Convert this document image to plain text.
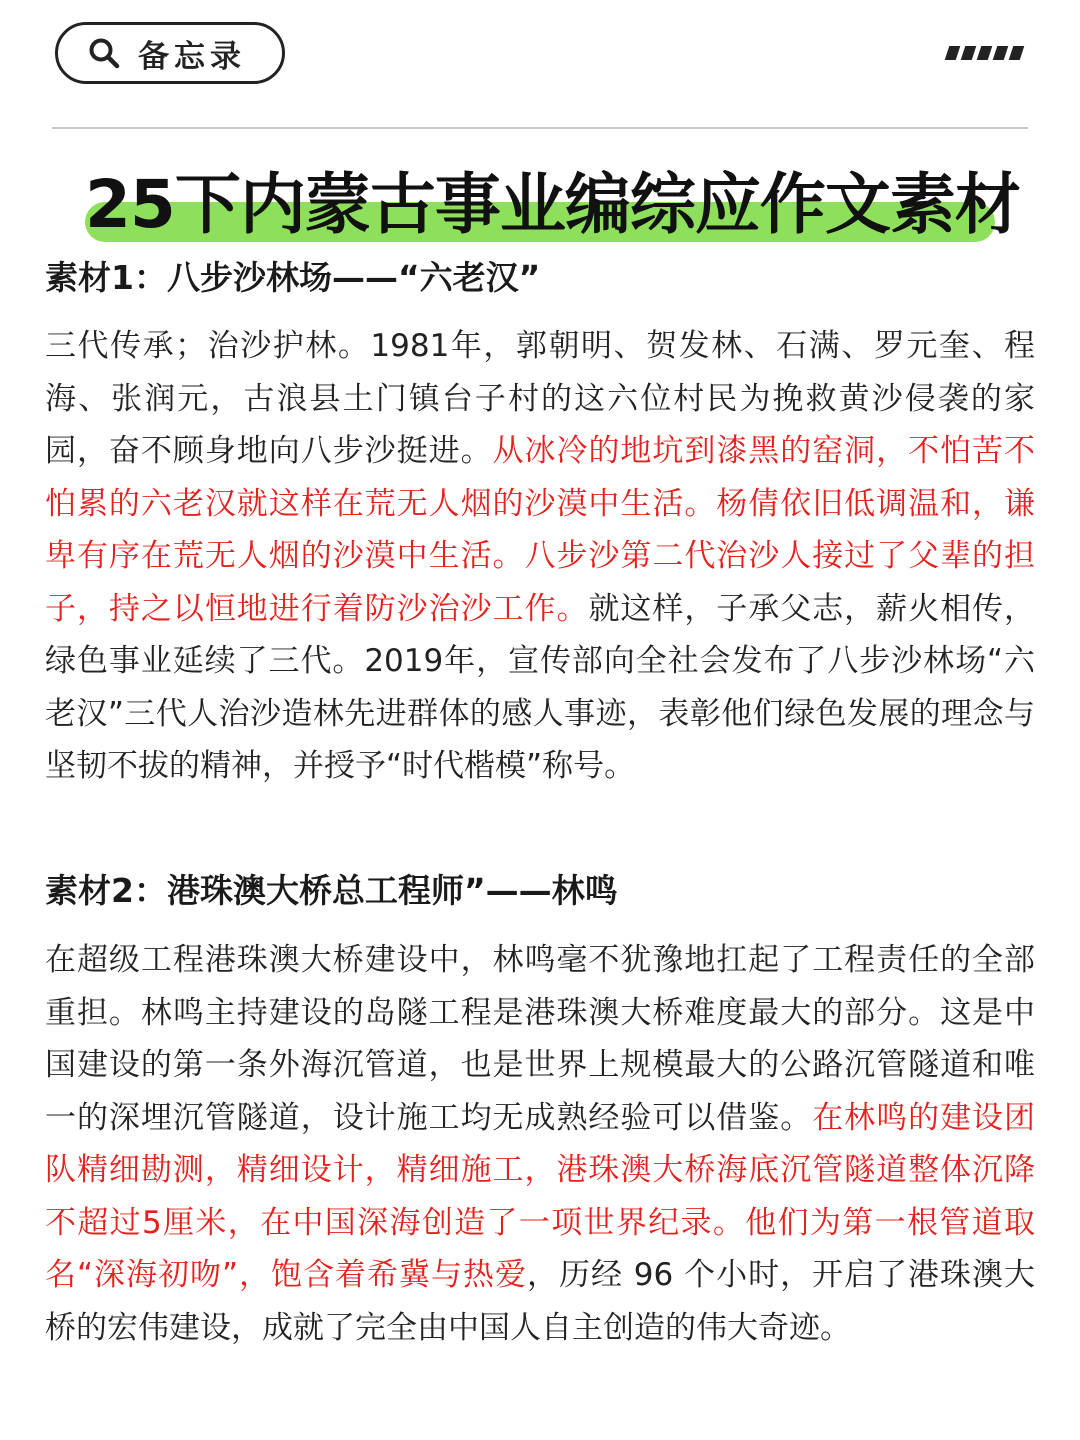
备忘录
25下内蒙古事业编综应作文素材
素材1：八步沙林场——“六老汉”

三代传承；治沙护林。1981年，郭朝明、贺发林、石满、罗元奎、程海、张润元，古浪县土门镇台子村的这六位村民为挽救黄沙侵袭的家园，奋不顾身地向八步沙挺进。从冰冷的地坑到漆黑的窑洞，不怕苦不怕累的六老汉就这样在荒无人烟的沙漠中生活。杨倩依旧低调温和，谦卑有序在荒无人烟的沙漠中生活。八步沙第二代治沙人接过了父辈的担子，持之以恒地进行着防沙治沙工作。就这样，子承父志，薪火相传，绿色事业延续了三代。2019年，宣传部向全社会发布了八步沙林场“六老汉”三代人治沙造林先进群体的感人事迹，表彰他们绿色发展的理念与坚韧不拔的精神，并授予“时代楷模”称号。

素材2：港珠澳大桥总工程师”——林鸣

在超级工程港珠澳大桥建设中，林鸣毫不犹豫地扛起了工程责任的全部重担。林鸣主持建设的岛隧工程是港珠澳大桥难度最大的部分。这是中国建设的第一条外海沉管道，也是世界上规模最大的公路沉管隧道和唯一的深埋沉管隧道，设计施工均无成熟经验可以借鉴。在林鸣的建设团队精细勘测，精细设计，精细施工，港珠澳大桥海底沉管隧道整体沉降不超过5厘米，在中国深海创造了一项世界纪录。他们为第一根管道取名“深海初吻”，饱含着希冀与热爱，历经 96 个小时，开启了港珠澳大桥的宏伟建设，成就了完全由中国人自主创造的伟大奇迹。
